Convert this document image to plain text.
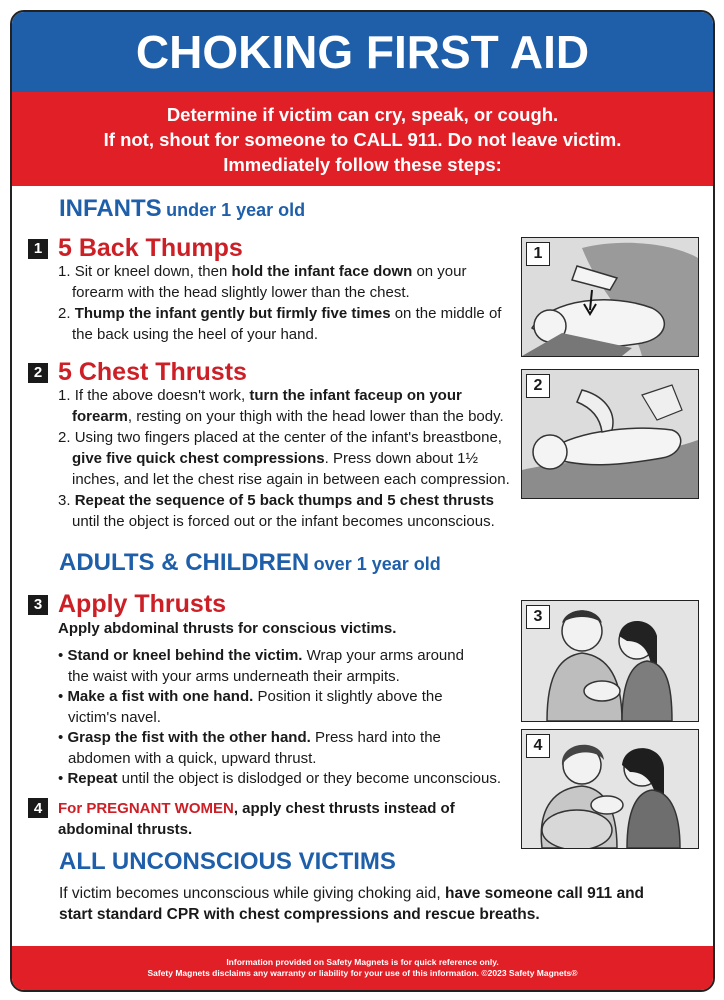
CHOKING FIRST AID
Determine if victim can cry, speak, or cough.
If not, shout for someone to CALL 911. Do not leave victim.
Immediately follow these steps:
INFANTS under 1 year old
1 5 Back Thumps
1. Sit or kneel down, then hold the infant face down on your
forearm with the head slightly lower than the chest.
2. Thump the infant gently but firmly five times on the middle of
the back using the heel of your hand.
2 5 Chest Thrusts
1. If the above doesn't work, turn the infant faceup on your
forearm, resting on your thigh with the head lower than the body.
2. Using two fingers placed at the center of the infant's breastbone,
give five quick chest compressions. Press down about 1½
inches, and let the chest rise again in between each compression.
3. Repeat the sequence of 5 back thumps and 5 chest thrusts
until the object is forced out or the infant becomes unconscious.
ADULTS & CHILDREN over 1 year old
3 Apply Thrusts
Apply abdominal thrusts for conscious victims.
• Stand or kneel behind the victim. Wrap your arms around
the waist with your arms underneath their armpits.
• Make a fist with one hand. Position it slightly above the
victim's navel.
• Grasp the fist with the other hand. Press hard into the
abdomen with a quick, upward thrust.
• Repeat until the object is dislodged or they become unconscious.
4	For PREGNANT WOMEN, apply chest thrusts instead of
abdominal thrusts.
ALL UNCONSCIOUS VICTIMS
If victim becomes unconscious while giving choking aid, have someone call 911 and
start standard CPR with chest compressions and rescue breaths.
1
2
3
4
Information provided on Safety Magnets is for quick reference only.
Safety Magnets disclaims any warranty or liability for your use of this information. ©2023 Safety Magnets®
